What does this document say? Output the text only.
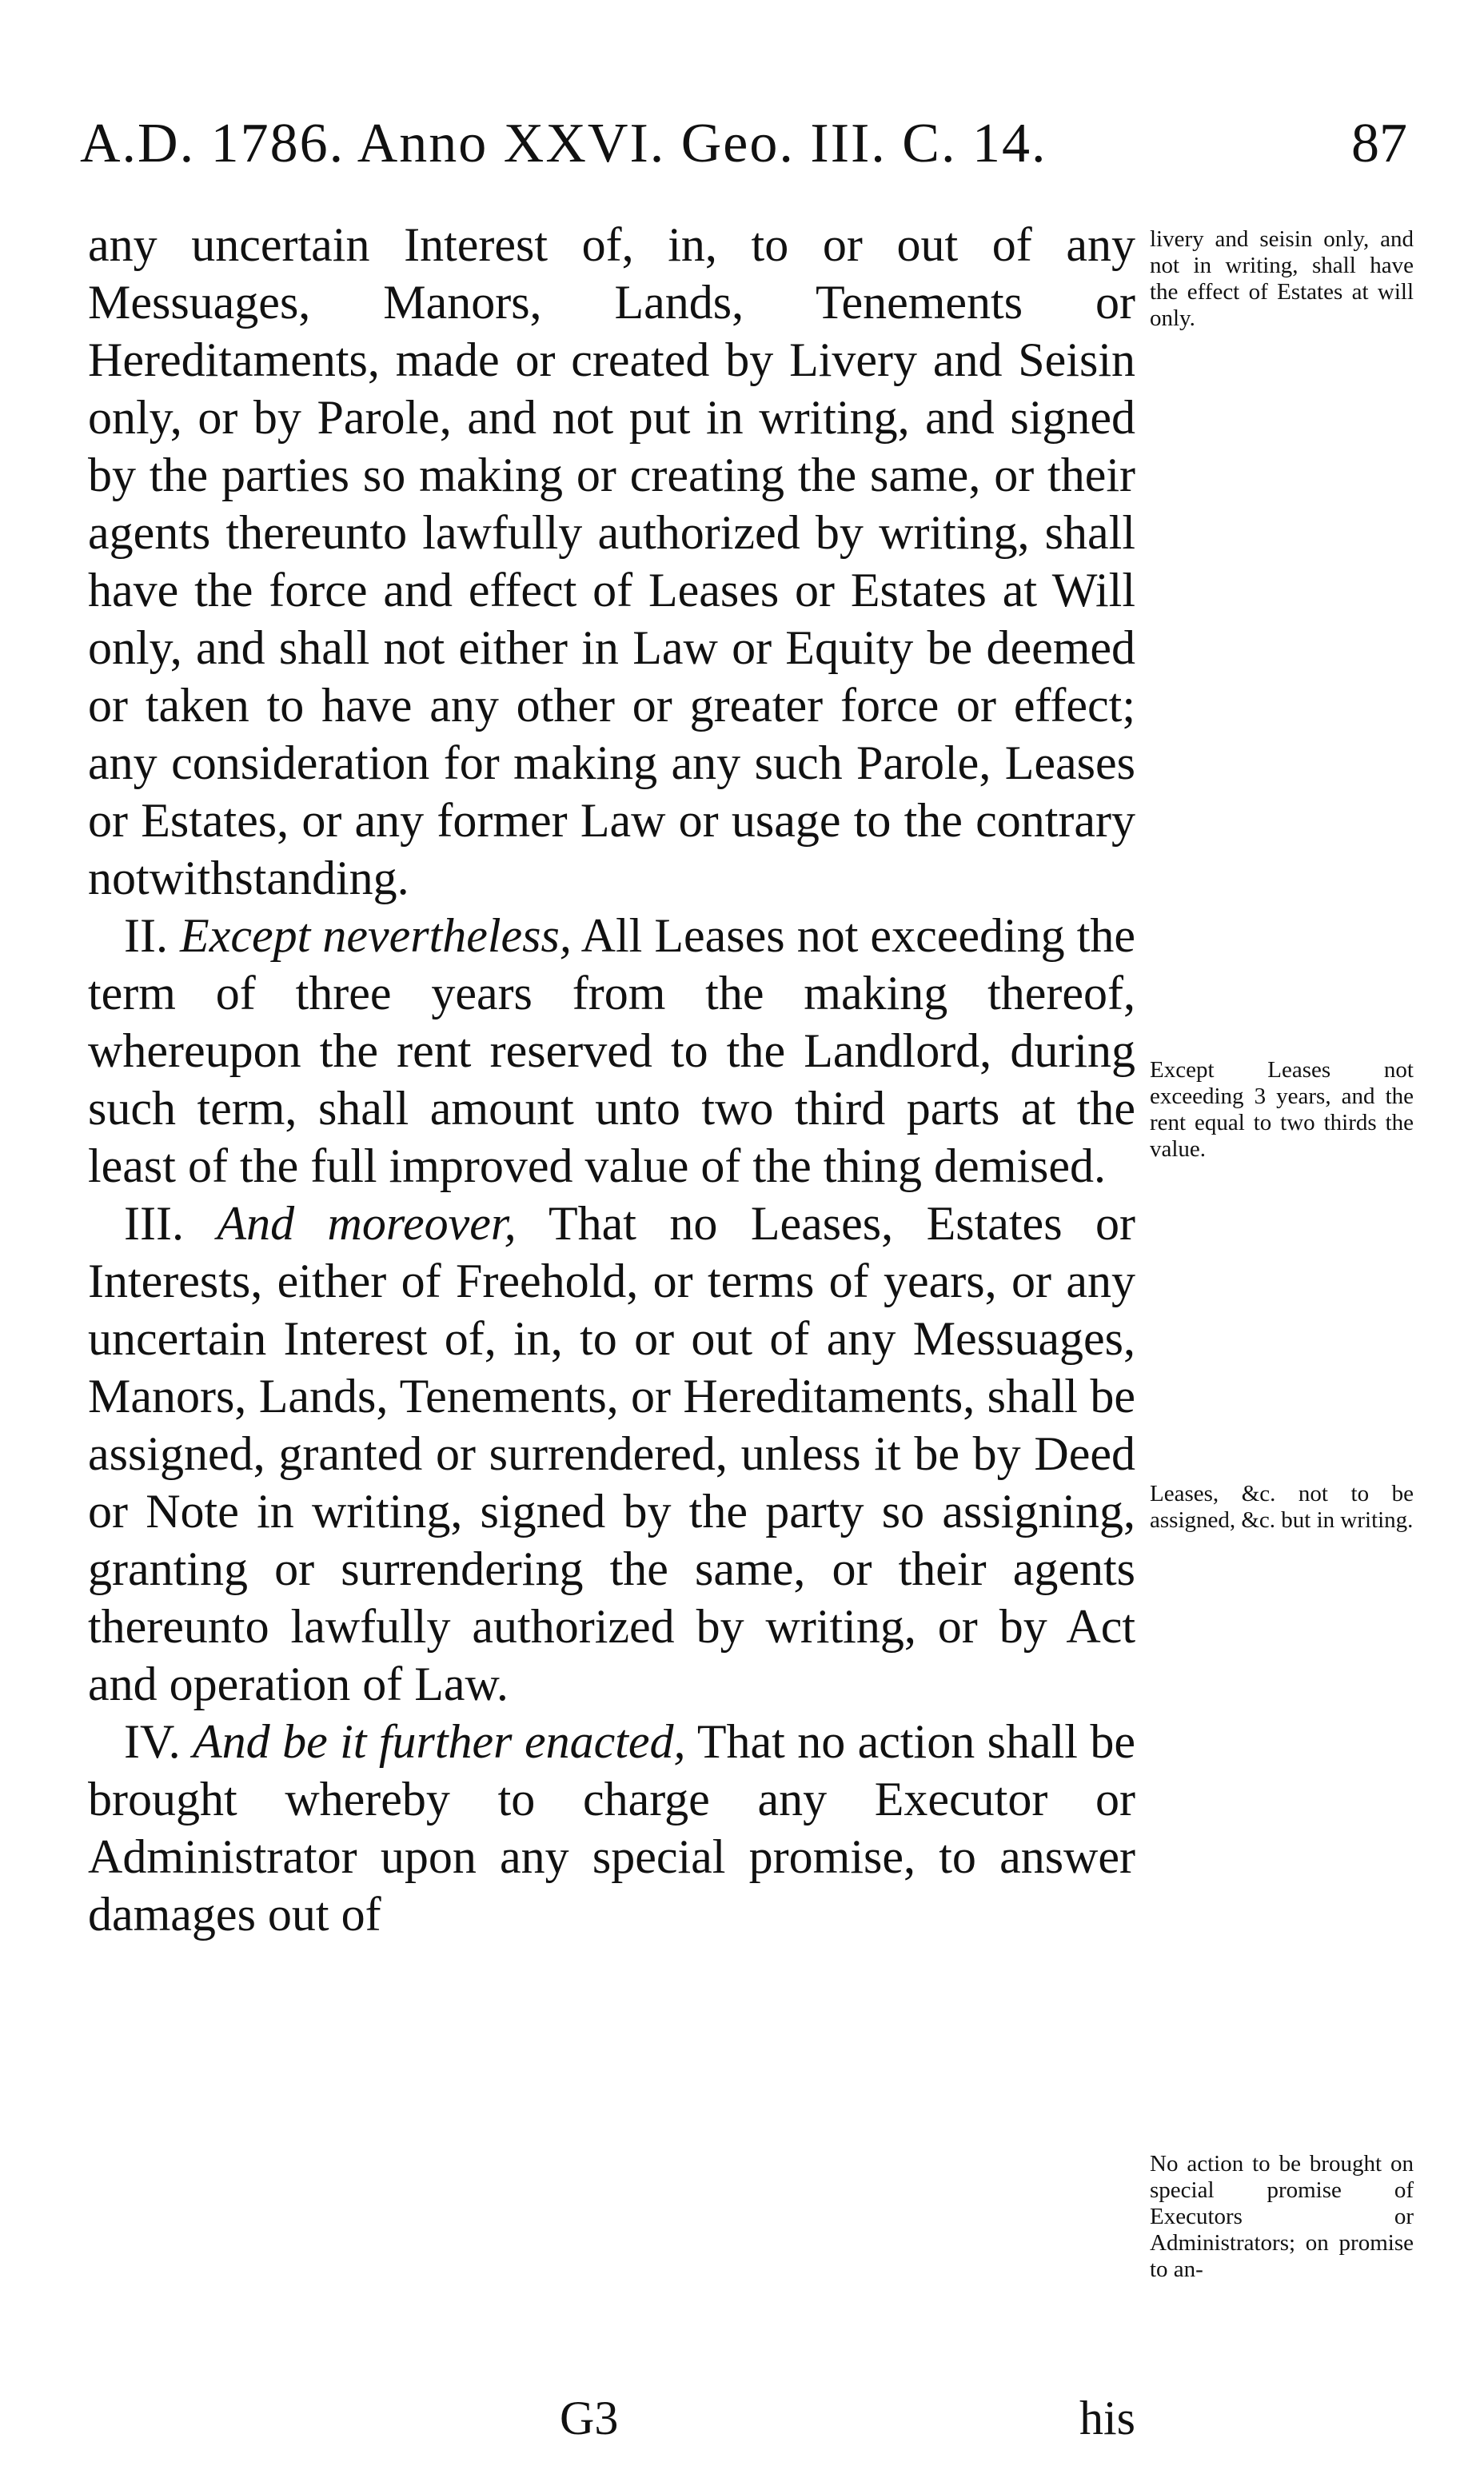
A.D. 1786. Anno XXVI. Geo. III. C. 14.	87

any uncertain Interest of, in, to or out of any Messuages, Manors, Lands, Tenements or Hereditaments, made or created by Livery and Seisin only, or by Parole, and not put in writing, and signed by the parties so making or creating the same, or their agents thereunto lawfully authorized by writing, shall have the force and effect of Leases or Estates at Will only, and shall not either in Law or Equity be deemed or taken to have any other or greater force or effect; any consideration for making any such Parole, Leases or Estates, or any former Law or usage to the contrary notwithstanding.

II. Except nevertheless, All Leases not exceeding the term of three years from the making thereof, whereupon the rent reserved to the Landlord, during such term, shall amount unto two third parts at the least of the full improved value of the thing demised.

III. And moreover, That no Leases, Estates or Interests, either of Freehold, or terms of years, or any uncertain Interest of, in, to or out of any Messuages, Manors, Lands, Tenements, or Hereditaments, shall be assigned, granted or surrendered, unless it be by Deed or Note in writing, signed by the party so assigning, granting or surrendering the same, or their agents thereunto lawfully authorized by writing, or by Act and operation of Law.

IV. And be it further enacted, That no action shall be brought whereby to charge any Executor or Administrator upon any special promise, to answer damages out of

livery and seisin only, and not in writing, shall have the effect of Estates at will only.
Except Leases not exceeding 3 years, and the rent equal to two thirds the value.
Leases, &c. not to be assigned, &c. but in writing.
No action to be brought on special promise of Executors or Administrators; on promise to an-
G3	his
